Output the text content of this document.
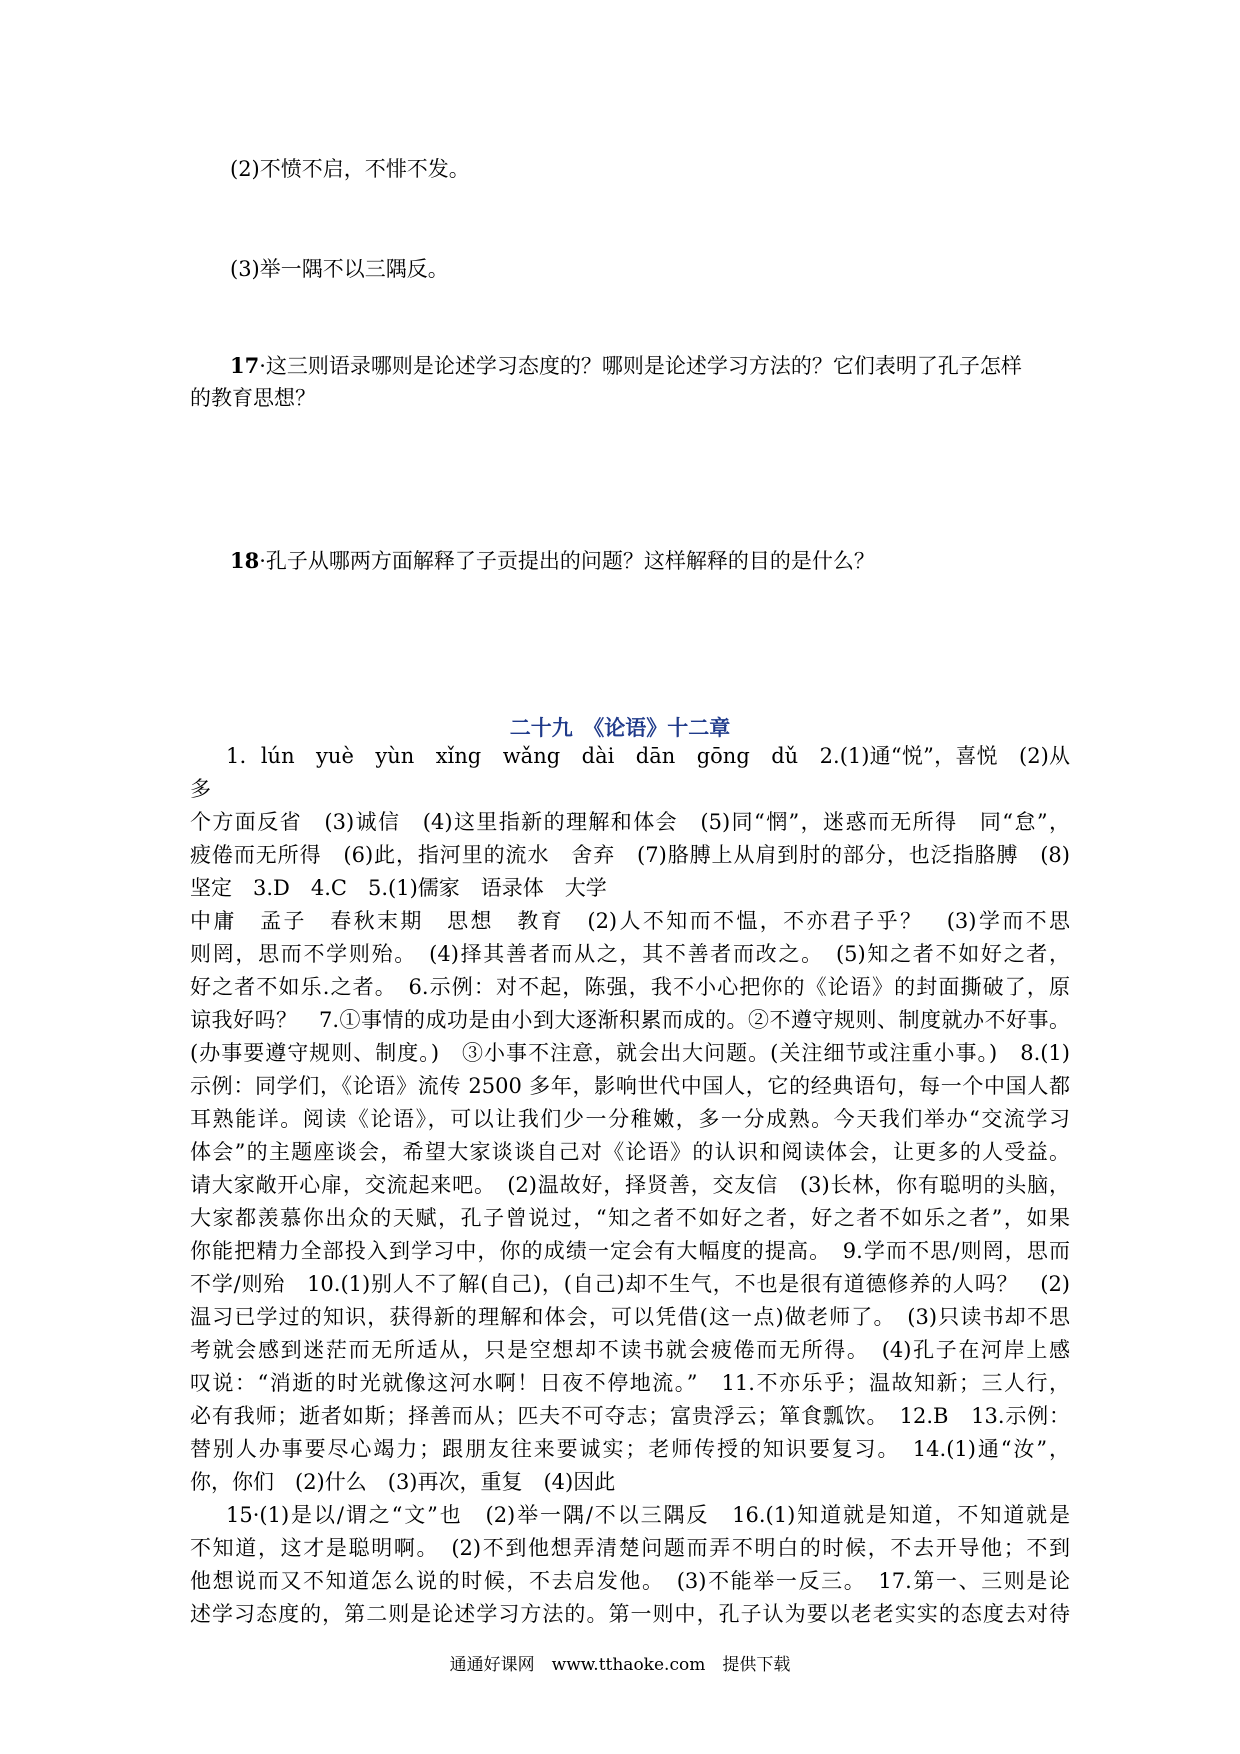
(2)不愤不启，不悱不发。
(3)举一隅不以三隅反。
17·这三则语录哪则是论述学习态度的？哪则是论述学习方法的？它们表明了孔子怎样
的教育思想？
18·孔子从哪两方面解释了子贡提出的问题？这样解释的目的是什么？
二十九　《论语》十二章
1．lún　yuè　yùn　xǐng　wǎng　dài　dān　gōng　dǔ　2.(1)通“悦”，喜悦　(2)从多
个方面反省　(3)诚信　(4)这里指新的理解和体会　(5)同“惘”，迷惑而无所得　同“怠”，
疲倦而无所得　(6)此，指河里的流水　舍弃　(7)胳膊上从肩到肘的部分，也泛指胳膊　(8)
坚定　3.D　4.C　5.(1)儒家　语录体　大学
中庸　孟子　春秋末期　思想　教育　(2)人不知而不愠，不亦君子乎？　(3)学而不思
则罔，思而不学则殆。　(4)择其善者而从之，其不善者而改之。　(5)知之者不如好之者，
好之者不如乐.之者。　6.示例：对不起，陈强，我不小心把你的《论语》的封面撕破了，原
谅我好吗？　7.①事情的成功是由小到大逐渐积累而成的。②不遵守规则、制度就办不好事。
(办事要遵守规则、制度。)　③小事不注意，就会出大问题。(关注细节或注重小事。)　8.(1)
示例：同学们，《论语》流传 2500 多年，影响世代中国人，它的经典语句，每一个中国人都
耳熟能详。阅读《论语》，可以让我们少一分稚嫩，多一分成熟。今天我们举办“交流学习
体会”的主题座谈会，希望大家谈谈自己对《论语》的认识和阅读体会，让更多的人受益。
请大家敞开心扉，交流起来吧。　(2)温故好，择贤善，交友信　(3)长林，你有聪明的头脑，
大家都羡慕你出众的天赋，孔子曾说过，“知之者不如好之者，好之者不如乐之者”，如果
你能把精力全部投入到学习中，你的成绩一定会有大幅度的提高。　9.学而不思/则罔，思而
不学/则殆　10.(1)别人不了解(自己)，(自己)却不生气，不也是很有道德修养的人吗？　(2)
温习已学过的知识，获得新的理解和体会，可以凭借(这一点)做老师了。　(3)只读书却不思
考就会感到迷茫而无所适从，只是空想却不读书就会疲倦而无所得。　(4)孔子在河岸上感
叹说：“消逝的时光就像这河水啊！日夜不停地流。”　11.不亦乐乎；温故知新；三人行，
必有我师；逝者如斯；择善而从；匹夫不可夺志；富贵浮云；箪食瓢饮。　12.B　13.示例：
替别人办事要尽心竭力；跟朋友往来要诚实；老师传授的知识要复习。　14.(1)通“汝”，
你，你们　(2)什么　(3)再次，重复　(4)因此
15·(1)是以/谓之“文”也　(2)举一隅/不以三隅反　16.(1)知道就是知道，不知道就是
不知道，这才是聪明啊。　(2)不到他想弄清楚问题而弄不明白的时候，不去开导他；不到
他想说而又不知道怎么说的时候，不去启发他。　(3)不能举一反三。　17.第一、三则是论
述学习态度的，第二则是论述学习方法的。第一则中，孔子认为要以老老实实的态度去对待
通通好课网　www.tthaoke.com　提供下载
